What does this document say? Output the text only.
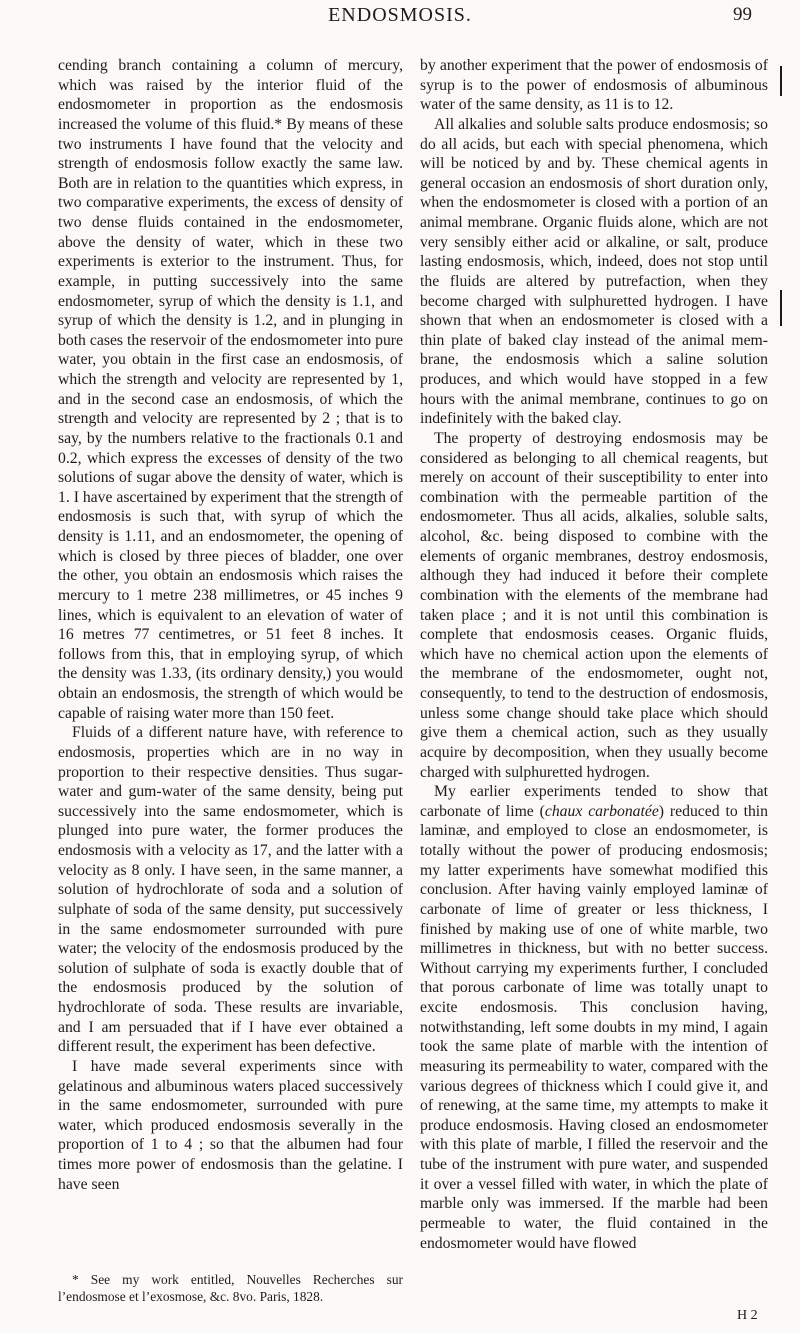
ENDOSMOSIS.	99

cending branch containing a column of mercury, which was raised by the interior fluid of the endosmometer in proportion as the endosmosis increased the volume of this fluid.* By means of these two instruments I have found that the velocity and strength of endosmosis follow exactly the same law. Both are in relation to the quantities which express, in two comparative experiments, the excess of density of two dense fluids contained in the endosmometer, above the density of water, which in these two experiments is exterior to the instrument. Thus, for example, in putting successively into the same endosmometer, syrup of which the density is 1.1, and syrup of which the density is 1.2, and in plunging in both cases the reservoir of the endosmometer into pure water, you obtain in the first case an endosmosis, of which the strength and velocity are represented by 1, and in the second case an endosmosis, of which the strength and velocity are represented by 2 ; that is to say, by the numbers relative to the fractionals 0.1 and 0.2, which express the excesses of density of the two solutions of sugar above the density of water, which is 1. I have ascertained by experiment that the strength of endosmosis is such that, with syrup of which the density is 1.11, and an endosmometer, the opening of which is closed by three pieces of bladder, one over the other, you obtain an endosmosis which raises the mercury to 1 metre 238 millimetres, or 45 inches 9 lines, which is equivalent to an elevation of water of 16 metres 77 centimetres, or 51 feet 8 inches. It follows from this, that in employing syrup, of which the density was 1.33, (its ordinary density,) you would obtain an endosmosis, the strength of which would be capable of raising water more than 150 feet.

Fluids of a different nature have, with reference to endosmosis, properties which are in no way in proportion to their respective densities. Thus sugar-water and gum-water of the same density, being put successively into the same endosmometer, which is plunged into pure water, the former produces the endosmosis with a velocity as 17, and the latter with a velocity as 8 only. I have seen, in the same manner, a solution of hydrochlorate of soda and a solution of sulphate of soda of the same density, put successively in the same endosmometer surrounded with pure water; the velocity of the endosmosis produced by the solution of sulphate of soda is exactly double that of the endosmosis produced by the solution of hydrochlorate of soda. These results are invariable, and I am persuaded that if I have ever obtained a different result, the experiment has been defective.

I have made several experiments since with gelatinous and albuminous waters placed successively in the same endosmometer, surrounded with pure water, which produced endosmosis severally in the proportion of 1 to 4 ; so that the albumen had four times more power of endosmosis than the gelatine. I have seen

* See my work entitled, Nouvelles Recherches sur l’endosmose et l’exosmose, &c. 8vo. Paris, 1828.

by another experiment that the power of endosmosis of syrup is to the power of endosmosis of albuminous water of the same density, as 11 is to 12.

All alkalies and soluble salts produce endosmosis; so do all acids, but each with special phenomena, which will be noticed by and by. These chemical agents in general occasion an endosmosis of short duration only, when the endosmometer is closed with a portion of an animal membrane. Organic fluids alone, which are not very sensibly either acid or alkaline, or salt, produce lasting endosmosis, which, indeed, does not stop until the fluids are altered by putrefaction, when they become charged with sulphuretted hydrogen. I have shown that when an endosmometer is closed with a thin plate of baked clay instead of the animal membrane, the endosmosis which a saline solution produces, and which would have stopped in a few hours with the animal membrane, continues to go on indefinitely with the baked clay.

The property of destroying endosmosis may be considered as belonging to all chemical reagents, but merely on account of their susceptibility to enter into combination with the permeable partition of the endosmometer. Thus all acids, alkalies, soluble salts, alcohol, &c. being disposed to combine with the elements of organic membranes, destroy endosmosis, although they had induced it before their complete combination with the elements of the membrane had taken place ; and it is not until this combination is complete that endosmosis ceases. Organic fluids, which have no chemical action upon the elements of the membrane of the endosmometer, ought not, consequently, to tend to the destruction of endosmosis, unless some change should take place which should give them a chemical action, such as they usually acquire by decomposition, when they usually become charged with sulphuretted hydrogen.

My earlier experiments tended to show that carbonate of lime (chaux carbonatée) reduced to thin laminæ, and employed to close an endosmometer, is totally without the power of producing endosmosis; my latter experiments have somewhat modified this conclusion. After having vainly employed laminæ of carbonate of lime of greater or less thickness, I finished by making use of one of white marble, two millimetres in thickness, but with no better success. Without carrying my experiments further, I concluded that porous carbonate of lime was totally unapt to excite endosmosis. This conclusion having, notwithstanding, left some doubts in my mind, I again took the same plate of marble with the intention of measuring its permeability to water, compared with the various degrees of thickness which I could give it, and of renewing, at the same time, my attempts to make it produce endosmosis. Having closed an endosmometer with this plate of marble, I filled the reservoir and the tube of the instrument with pure water, and suspended it over a vessel filled with water, in which the plate of marble only was immersed. If the marble had been permeable to water, the fluid contained in the endosmometer would have flowed

H 2
